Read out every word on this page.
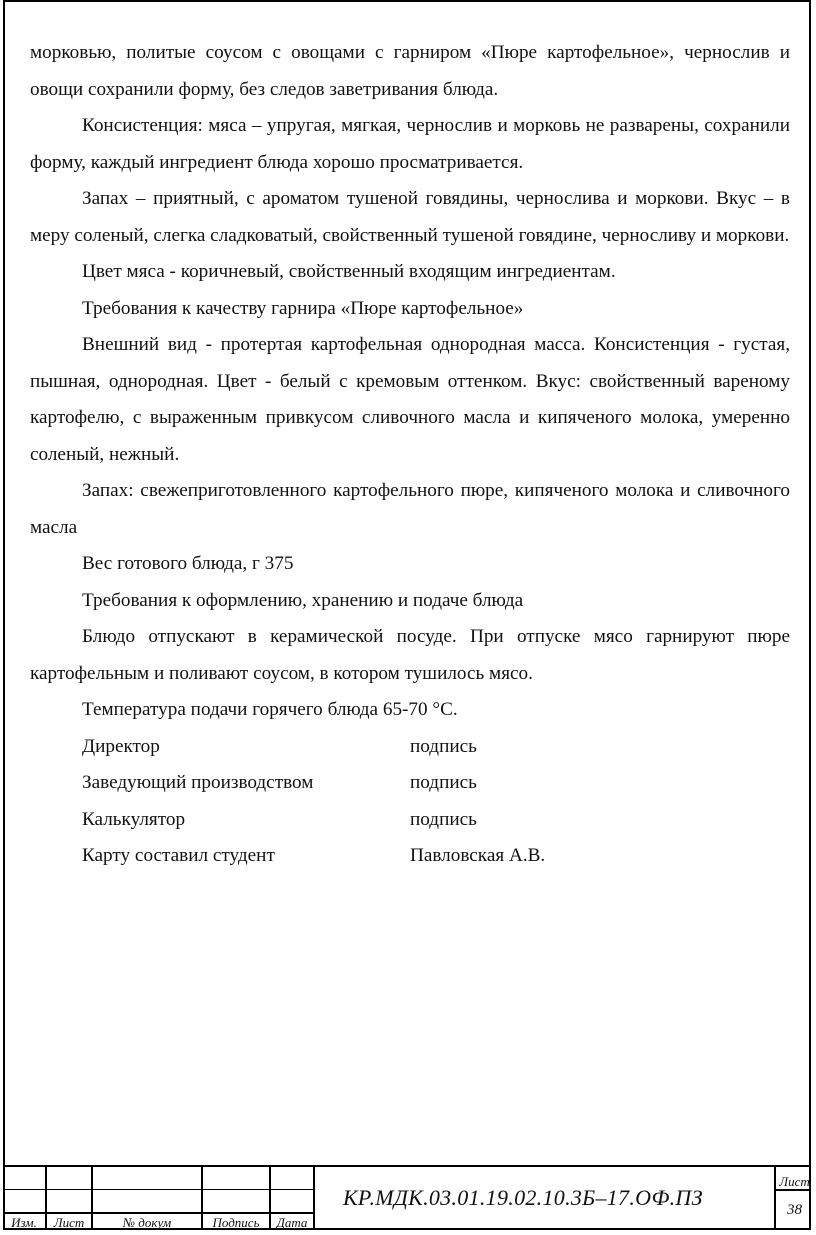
морковью, политые соусом с овощами с гарниром «Пюре картофельное», чернослив и овощи сохранили форму, без следов заветривания блюда.

Консистенция: мяса – упругая, мягкая, чернослив и морковь не разварены, сохранили форму, каждый ингредиент блюда хорошо просматривается.

Запах – приятный, с ароматом тушеной говядины, чернослива и моркови. Вкус – в меру соленый, слегка сладковатый, свойственный тушеной говядине, черносливу и моркови.

Цвет мяса - коричневый, свойственный входящим ингредиентам.

Требования к качеству гарнира «Пюре картофельное»

Внешний вид - протертая картофельная однородная масса. Консистенция - густая, пышная, однородная. Цвет - белый с кремовым оттенком. Вкус: свойственный вареному картофелю, с выраженным привкусом сливочного масла и кипяченого молока, умеренно соленый, нежный.

Запах: свежеприготовленного картофельного пюре, кипяченого молока и сливочного масла

Вес готового блюда, г 375

Требования к оформлению, хранению и подаче блюда

Блюдо отпускают в керамической посуде. При отпуске мясо гарнируют пюре картофельным и поливают соусом, в котором тушилось мясо.

Температура подачи горячего блюда 65-70 °С.

Директор	подпись
Заведующий производством	подпись
Калькулятор	подпись
Карту составил студент	Павловская А.В.
Изм.	Лист	№ докум	Подпись	Дата
КР.МДК.03.01.19.02.10.3Б–17.ОФ.ПЗ
Лист
38
